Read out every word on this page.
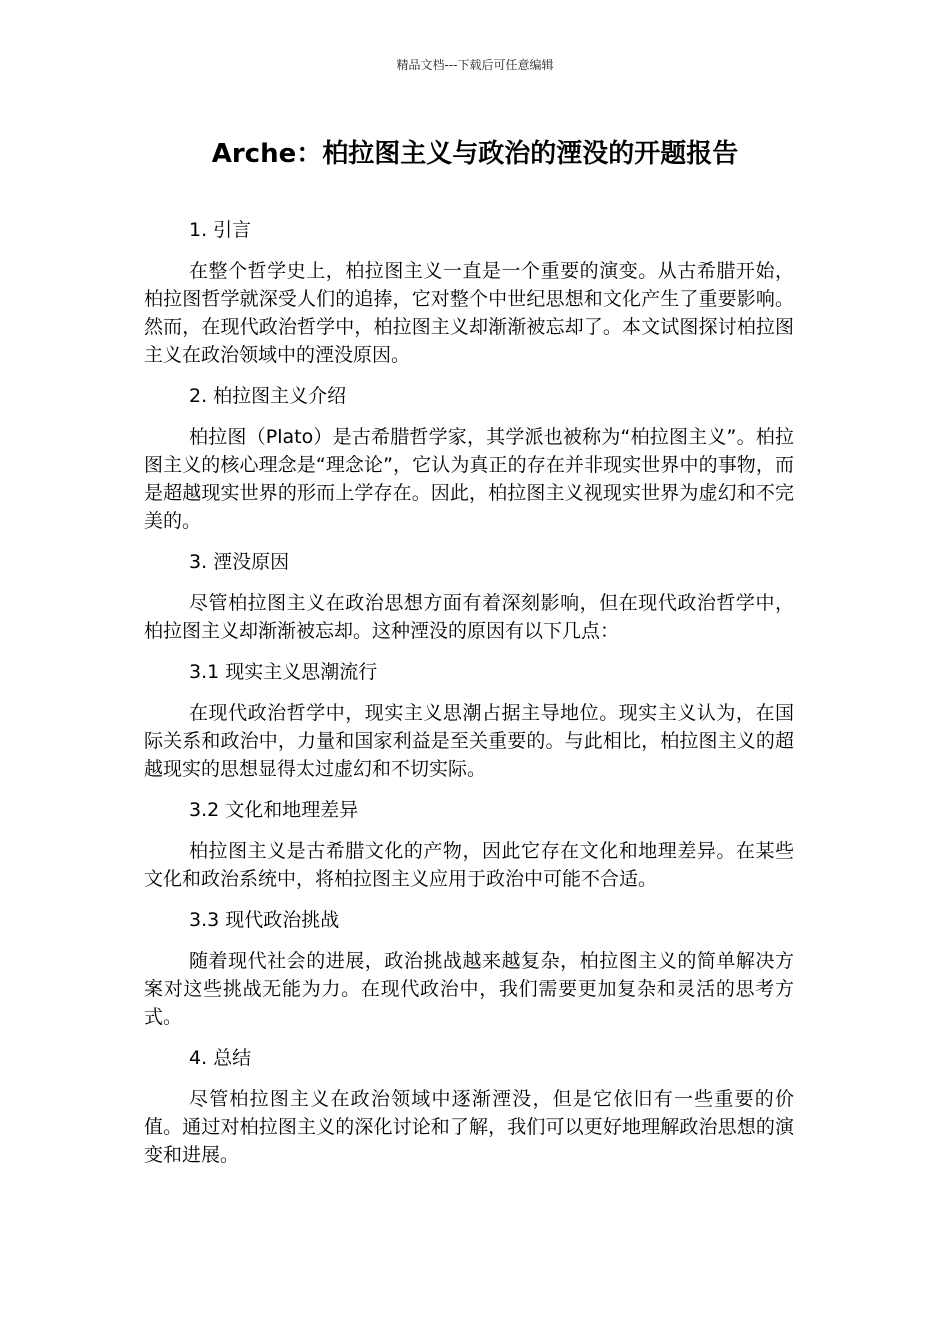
精品文档---下载后可任意编辑
Arche：柏拉图主义与政治的湮没的开题报告
1. 引言

在整个哲学史上，柏拉图主义一直是一个重要的演变。从古希腊开始，柏拉图哲学就深受人们的追捧，它对整个中世纪思想和文化产生了重要影响。然而，在现代政治哲学中，柏拉图主义却渐渐被忘却了。本文试图探讨柏拉图主义在政治领域中的湮没原因。

2. 柏拉图主义介绍

柏拉图（Plato）是古希腊哲学家，其学派也被称为“柏拉图主义”。柏拉图主义的核心理念是“理念论”，它认为真正的存在并非现实世界中的事物，而是超越现实世界的形而上学存在。因此，柏拉图主义视现实世界为虚幻和不完美的。

3. 湮没原因

尽管柏拉图主义在政治思想方面有着深刻影响，但在现代政治哲学中，柏拉图主义却渐渐被忘却。这种湮没的原因有以下几点：

3.1 现实主义思潮流行

在现代政治哲学中，现实主义思潮占据主导地位。现实主义认为，在国际关系和政治中，力量和国家利益是至关重要的。与此相比，柏拉图主义的超越现实的思想显得太过虚幻和不切实际。

3.2 文化和地理差异

柏拉图主义是古希腊文化的产物，因此它存在文化和地理差异。在某些文化和政治系统中，将柏拉图主义应用于政治中可能不合适。

3.3 现代政治挑战

随着现代社会的进展，政治挑战越来越复杂，柏拉图主义的简单解决方案对这些挑战无能为力。在现代政治中，我们需要更加复杂和灵活的思考方式。

4. 总结

尽管柏拉图主义在政治领域中逐渐湮没，但是它依旧有一些重要的价值。通过对柏拉图主义的深化讨论和了解，我们可以更好地理解政治思想的演变和进展。
